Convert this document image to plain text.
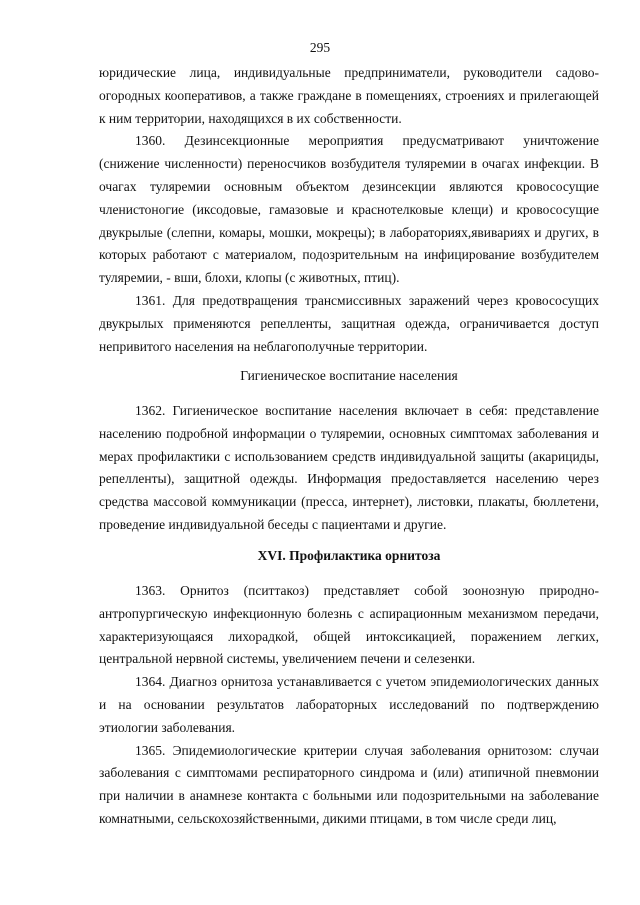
295

юридические лица, индивидуальные предприниматели, руководители садово-огородных кооперативов, а также граждане в помещениях, строениях и прилегающей к ним территории, находящихся в их собственности.

1360. Дезинсекционные мероприятия предусматривают уничтожение (снижение численности) переносчиков возбудителя туляремии в очагах инфекции. В очагах туляремии основным объектом дезинсекции являются кровососущие членистоногие (иксодовые, гамазовые и краснотелковые клещи) и кровососущие двукрылые (слепни, комары, мошки, мокрецы); в лабораториях,явивариях и других, в которых работают с материалом, подозрительным на инфицирование возбудителем туляремии, - вши, блохи, клопы (с животных, птиц).

1361. Для предотвращения трансмиссивных заражений через кровососущих двукрылых применяются репелленты, защитная одежда, ограничивается доступ непривитого населения на неблагополучные территории.

Гигиеническое воспитание населения

1362. Гигиеническое воспитание населения включает в себя: представление населению подробной информации о туляремии, основных симптомах заболевания и мерах профилактики с использованием средств индивидуальной защиты (акарициды, репелленты), защитной одежды. Информация предоставляется населению через средства массовой коммуникации (пресса, интернет), листовки, плакаты, бюллетени, проведение индивидуальной беседы с пациентами и другие.

XVI. Профилактика орнитоза

1363. Орнитоз (пситтакоз) представляет собой зоонозную природно-антропургическую инфекционную болезнь с аспирационным механизмом передачи, характеризующаяся лихорадкой, общей интоксикацией, поражением легких, центральной нервной системы, увеличением печени и селезенки.

1364. Диагноз орнитоза устанавливается с учетом эпидемиологических данных и на основании результатов лабораторных исследований по подтверждению этиологии заболевания.

1365. Эпидемиологические критерии случая заболевания орнитозом: случаи заболевания с симптомами респираторного синдрома и (или) атипичной пневмонии при наличии в анамнезе контакта с больными или подозрительными на заболевание комнатными, сельскохозяйственными, дикими птицами, в том числе среди лиц,
